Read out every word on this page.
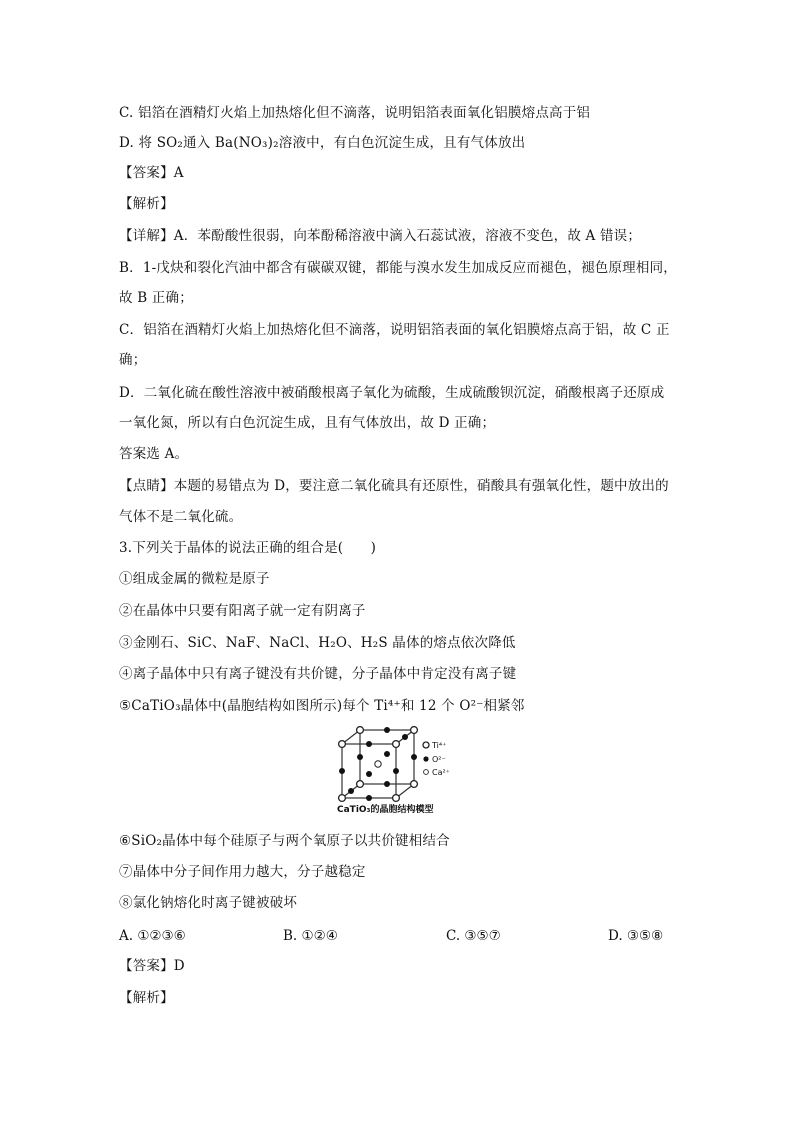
C. 铝箔在酒精灯火焰上加热熔化但不滴落，说明铝箔表面氧化铝膜熔点高于铝
D. 将 SO₂通入 Ba(NO₃)₂溶液中，有白色沉淀生成，且有气体放出
【答案】A
【解析】
【详解】A．苯酚酸性很弱，向苯酚稀溶液中滴入石蕊试液，溶液不变色，故 A 错误；
B．1-戊炔和裂化汽油中都含有碳碳双键，都能与溴水发生加成反应而褪色，褪色原理相同，
故 B 正确；
C．铝箔在酒精灯火焰上加热熔化但不滴落，说明铝箔表面的氧化铝膜熔点高于铝，故 C 正
确；
D．二氧化硫在酸性溶液中被硝酸根离子氧化为硫酸，生成硫酸钡沉淀，硝酸根离子还原成
一氧化氮，所以有白色沉淀生成，且有气体放出，故 D 正确；
答案选 A。
【点睛】本题的易错点为 D，要注意二氧化硫具有还原性，硝酸具有强氧化性，题中放出的
气体不是二氧化硫。
3.下列关于晶体的说法正确的组合是(　　)
①组成金属的微粒是原子
②在晶体中只要有阳离子就一定有阴离子
③金刚石、SiC、NaF、NaCl、H₂O、H₂S 晶体的熔点依次降低
④离子晶体中只有离子键没有共价键，分子晶体中肯定没有离子键
⑤CaTiO₃晶体中(晶胞结构如图所示)每个 Ti⁴⁺和 12 个 O²⁻相紧邻
Ti⁴⁺
O²⁻
Ca²⁺
CaTiO₃的晶胞结构模型
⑥SiO₂晶体中每个硅原子与两个氧原子以共价键相结合
⑦晶体中分子间作用力越大，分子越稳定
⑧氯化钠熔化时离子键被破坏
A. ①②③⑥	B. ①②④	C. ③⑤⑦	D. ③⑤⑧
【答案】D
【解析】
